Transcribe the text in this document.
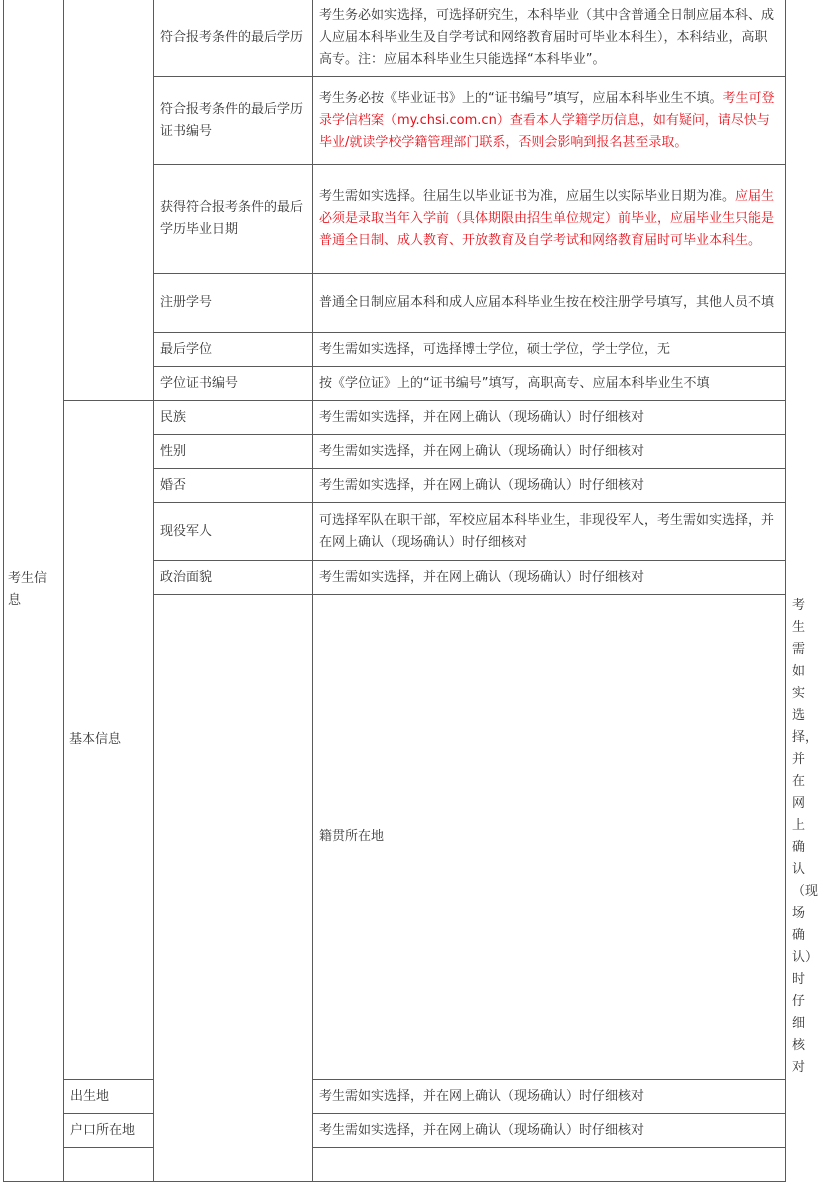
考生信息		符合报考条件的最后学历	考生务必如实选择，可选择研究生，本科毕业（其中含普通全日制应届本科、成人应届本科毕业生及自学考试和网络教育届时可毕业本科生），本科结业，高职高专。注：应届本科毕业生只能选择“本科毕业”。	
		符合报考条件的最后学历证书编号	考生务必按《毕业证书》上的“证书编号”填写，应届本科毕业生不填。考生可登录学信档案（my.chsi.com.cn）查看本人学籍学历信息，如有疑问，请尽快与毕业/就读学校学籍管理部门联系，否则会影响到报名甚至录取。	
		获得符合报考条件的最后学历毕业日期	考生需如实选择。往届生以毕业证书为准，应届生以实际毕业日期为准。应届生必须是录取当年入学前（具体期限由招生单位规定）前毕业，应届毕业生只能是普通全日制、成人教育、开放教育及自学考试和网络教育届时可毕业本科生。	
		注册学号	普通全日制应届本科和成人应届本科毕业生按在校注册学号填写，其他人员不填	
		最后学位	考生需如实选择，可选择博士学位，硕士学位，学士学位，无	
		学位证书编号	按《学位证》上的“证书编号”填写，高职高专、应届本科毕业生不填	
	基本信息	民族	考生需如实选择，并在网上确认（现场确认）时仔细核对	
		性别	考生需如实选择，并在网上确认（现场确认）时仔细核对	
		婚否	考生需如实选择，并在网上确认（现场确认）时仔细核对	
		现役军人	可选择军队在职干部，军校应届本科毕业生，非现役军人，考生需如实选择，并在网上确认（现场确认）时仔细核对	
		政治面貌	考生需如实选择，并在网上确认（现场确认）时仔细核对	
			籍贯所在地	考生需如实选择，并在网上确认（现场确认）时仔细核对
	出生地		考生需如实选择，并在网上确认（现场确认）时仔细核对	
	户口所在地		考生需如实选择，并在网上确认（现场确认）时仔细核对	
